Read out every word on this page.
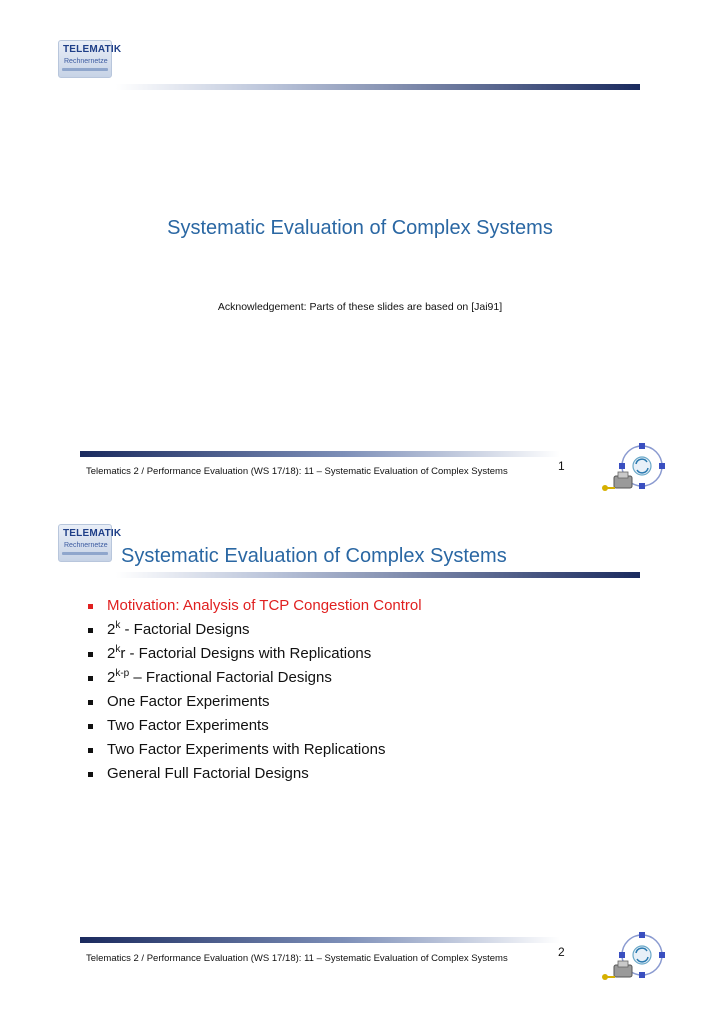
TELEMATIK
Rechnernetze
Systematic Evaluation of Complex Systems
Acknowledgement: Parts of these slides are based on [Jai91]
1
Telematics 2 / Performance Evaluation (WS 17/18): 11 – Systematic Evaluation of Complex Systems
TELEMATIK
Rechnernetze Systematic Evaluation of Complex Systems
Motivation: Analysis of TCP Congestion Control
2$^k$ - Factorial Designs
2$^k$r - Factorial Designs with Replications
2$^{k-p}$ – Fractional Factorial Designs
One Factor Experiments
Two Factor Experiments
Two Factor Experiments with Replications
General Full Factorial Designs
2
Telematics 2 / Performance Evaluation (WS 17/18): 11 – Systematic Evaluation of Complex Systems
